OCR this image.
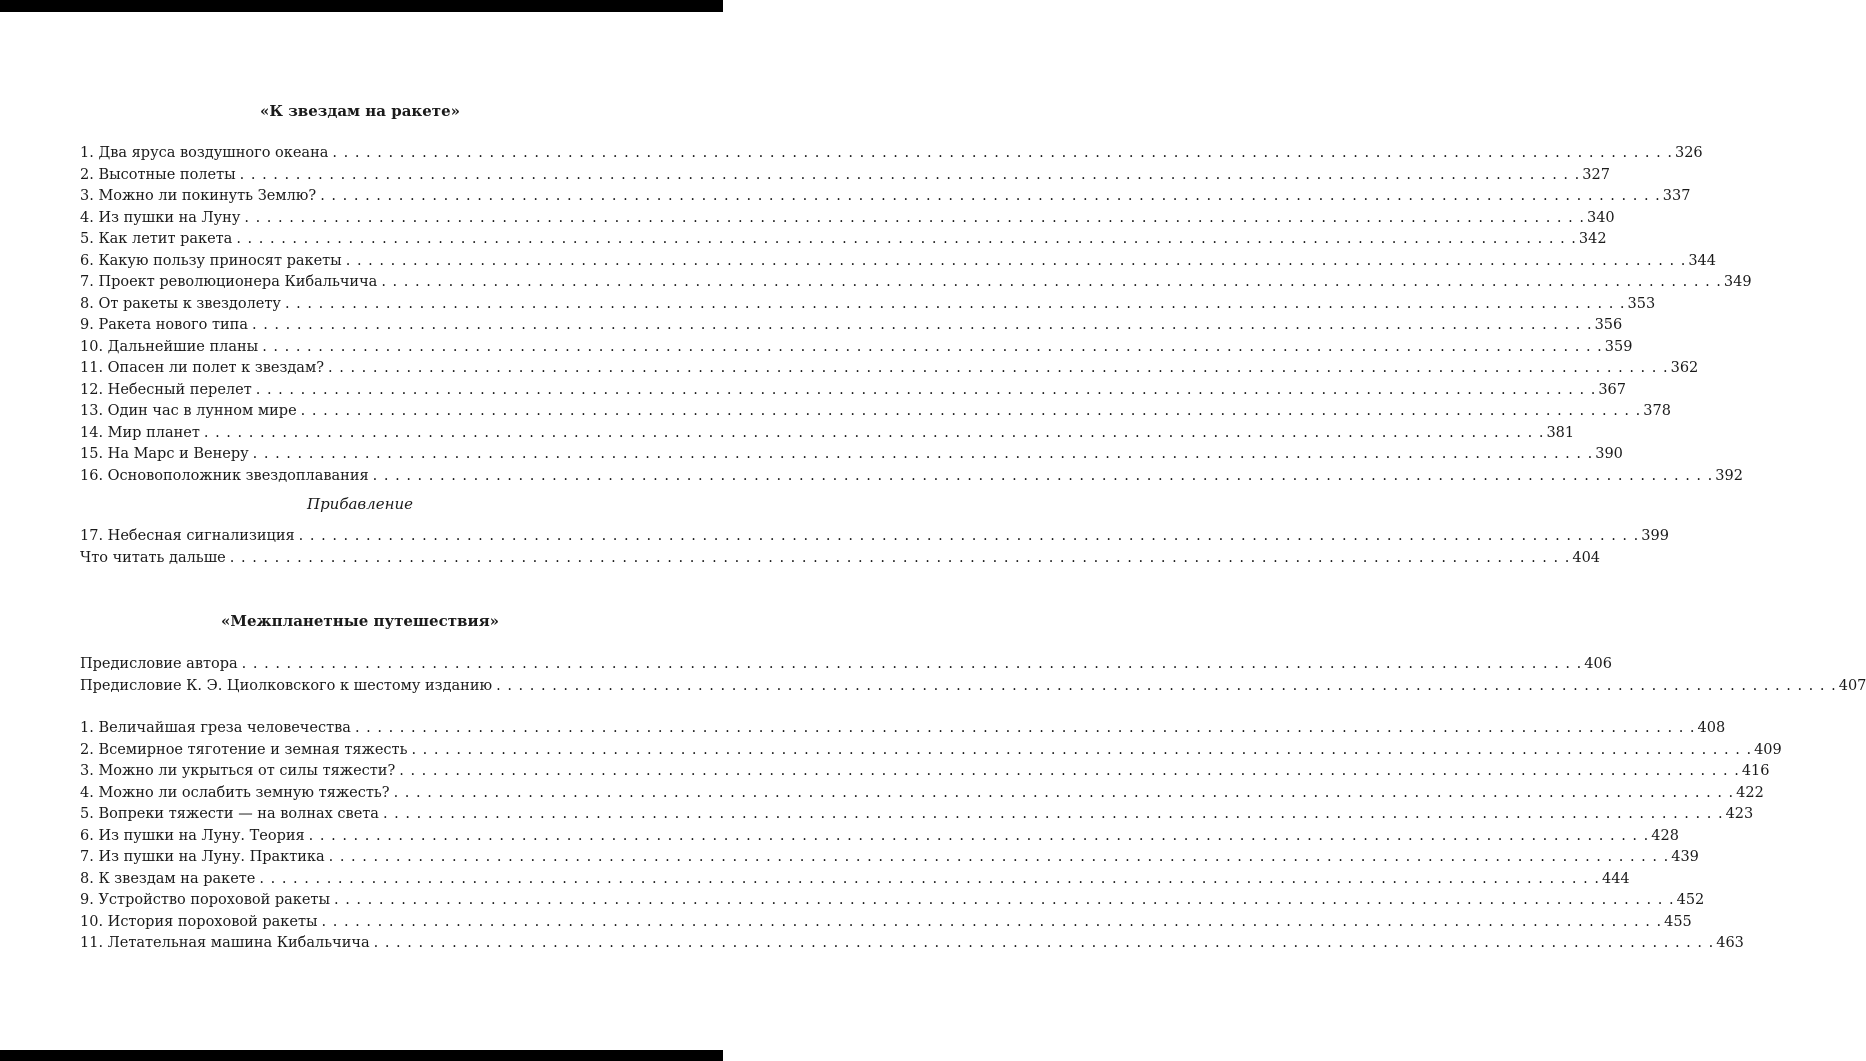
«К звездам на ракете»
1. Два яруса воздушного океана . . . . . . . . . . . . . . . . . . . . . . . . . . . . . . . . . . . . . . . . . . . . . . . . . . . . . . . . . . . . . . . . . . . . . . . . . . . . . . . . . . . . . . . . . . . . . . . . . . . . . . . . . . . . . . . . . . . . . . . . 326
2. Высотные полеты . . . . . . . . . . . . . . . . . . . . . . . . . . . . . . . . . . . . . . . . . . . . . . . . . . . . . . . . . . . . . . . . . . . . . . . . . . . . . . . . . . . . . . . . . . . . . . . . . . . . . . . . . . . . . . . . . . . . . . . . 327
3. Можно ли покинуть Землю? . . . . . . . . . . . . . . . . . . . . . . . . . . . . . . . . . . . . . . . . . . . . . . . . . . . . . . . . . . . . . . . . . . . . . . . . . . . . . . . . . . . . . . . . . . . . . . . . . . . . . . . . . . . . . . . . . . . . . . . . 337
4. Из пушки на Луну . . . . . . . . . . . . . . . . . . . . . . . . . . . . . . . . . . . . . . . . . . . . . . . . . . . . . . . . . . . . . . . . . . . . . . . . . . . . . . . . . . . . . . . . . . . . . . . . . . . . . . . . . . . . . . . . . . . . . . . . 340
5. Как летит ракета . . . . . . . . . . . . . . . . . . . . . . . . . . . . . . . . . . . . . . . . . . . . . . . . . . . . . . . . . . . . . . . . . . . . . . . . . . . . . . . . . . . . . . . . . . . . . . . . . . . . . . . . . . . . . . . . . . . . . . . . 342
6. Какую пользу приносят ракеты . . . . . . . . . . . . . . . . . . . . . . . . . . . . . . . . . . . . . . . . . . . . . . . . . . . . . . . . . . . . . . . . . . . . . . . . . . . . . . . . . . . . . . . . . . . . . . . . . . . . . . . . . . . . . . . . . . . . . . . . 344
7. Проект революционера Кибальчича . . . . . . . . . . . . . . . . . . . . . . . . . . . . . . . . . . . . . . . . . . . . . . . . . . . . . . . . . . . . . . . . . . . . . . . . . . . . . . . . . . . . . . . . . . . . . . . . . . . . . . . . . . . . . . . . . . . . . . . . 349
8. От ракеты к звездолету . . . . . . . . . . . . . . . . . . . . . . . . . . . . . . . . . . . . . . . . . . . . . . . . . . . . . . . . . . . . . . . . . . . . . . . . . . . . . . . . . . . . . . . . . . . . . . . . . . . . . . . . . . . . . . . . . . . . . . . . 353
9. Ракета нового типа . . . . . . . . . . . . . . . . . . . . . . . . . . . . . . . . . . . . . . . . . . . . . . . . . . . . . . . . . . . . . . . . . . . . . . . . . . . . . . . . . . . . . . . . . . . . . . . . . . . . . . . . . . . . . . . . . . . . . . . . 356
10. Дальнейшие планы . . . . . . . . . . . . . . . . . . . . . . . . . . . . . . . . . . . . . . . . . . . . . . . . . . . . . . . . . . . . . . . . . . . . . . . . . . . . . . . . . . . . . . . . . . . . . . . . . . . . . . . . . . . . . . . . . . . . . . . . 359
11. Опасен ли полет к звездам? . . . . . . . . . . . . . . . . . . . . . . . . . . . . . . . . . . . . . . . . . . . . . . . . . . . . . . . . . . . . . . . . . . . . . . . . . . . . . . . . . . . . . . . . . . . . . . . . . . . . . . . . . . . . . . . . . . . . . . . . 362
12. Небесный перелет . . . . . . . . . . . . . . . . . . . . . . . . . . . . . . . . . . . . . . . . . . . . . . . . . . . . . . . . . . . . . . . . . . . . . . . . . . . . . . . . . . . . . . . . . . . . . . . . . . . . . . . . . . . . . . . . . . . . . . . . 367
13. Один час в лунном мире . . . . . . . . . . . . . . . . . . . . . . . . . . . . . . . . . . . . . . . . . . . . . . . . . . . . . . . . . . . . . . . . . . . . . . . . . . . . . . . . . . . . . . . . . . . . . . . . . . . . . . . . . . . . . . . . . . . . . . . . 378
14. Мир планет . . . . . . . . . . . . . . . . . . . . . . . . . . . . . . . . . . . . . . . . . . . . . . . . . . . . . . . . . . . . . . . . . . . . . . . . . . . . . . . . . . . . . . . . . . . . . . . . . . . . . . . . . . . . . . . . . . . . . . . . 381
15. На Марс и Венеру . . . . . . . . . . . . . . . . . . . . . . . . . . . . . . . . . . . . . . . . . . . . . . . . . . . . . . . . . . . . . . . . . . . . . . . . . . . . . . . . . . . . . . . . . . . . . . . . . . . . . . . . . . . . . . . . . . . . . . . . 390
16. Основоположник звездоплавания . . . . . . . . . . . . . . . . . . . . . . . . . . . . . . . . . . . . . . . . . . . . . . . . . . . . . . . . . . . . . . . . . . . . . . . . . . . . . . . . . . . . . . . . . . . . . . . . . . . . . . . . . . . . . . . . . . . . . . . . 392
Прибавление
17. Небесная сигнализиция . . . . . . . . . . . . . . . . . . . . . . . . . . . . . . . . . . . . . . . . . . . . . . . . . . . . . . . . . . . . . . . . . . . . . . . . . . . . . . . . . . . . . . . . . . . . . . . . . . . . . . . . . . . . . . . . . . . . . . . . 399
Что читать дальше . . . . . . . . . . . . . . . . . . . . . . . . . . . . . . . . . . . . . . . . . . . . . . . . . . . . . . . . . . . . . . . . . . . . . . . . . . . . . . . . . . . . . . . . . . . . . . . . . . . . . . . . . . . . . . . . . . . . . . . . 404
«Межпланетные путешествия»
Предисловие автора . . . . . . . . . . . . . . . . . . . . . . . . . . . . . . . . . . . . . . . . . . . . . . . . . . . . . . . . . . . . . . . . . . . . . . . . . . . . . . . . . . . . . . . . . . . . . . . . . . . . . . . . . . . . . . . . . . . . . . . . 406
Предисловие К. Э. Циолковского к шестому изданию . . . . . . . . . . . . . . . . . . . . . . . . . . . . . . . . . . . . . . . . . . . . . . . . . . . . . . . . . . . . . . . . . . . . . . . . . . . . . . . . . . . . . . . . . . . . . . . . . . . . . . . . . . . . . . . . . . . . . . . . 407
1. Величайшая греза человечества . . . . . . . . . . . . . . . . . . . . . . . . . . . . . . . . . . . . . . . . . . . . . . . . . . . . . . . . . . . . . . . . . . . . . . . . . . . . . . . . . . . . . . . . . . . . . . . . . . . . . . . . . . . . . . . . . . . . . . . . 408
2. Всемирное тяготение и земная тяжесть . . . . . . . . . . . . . . . . . . . . . . . . . . . . . . . . . . . . . . . . . . . . . . . . . . . . . . . . . . . . . . . . . . . . . . . . . . . . . . . . . . . . . . . . . . . . . . . . . . . . . . . . . . . . . . . . . . . . . . . . 409
3. Можно ли укрыться от силы тяжести? . . . . . . . . . . . . . . . . . . . . . . . . . . . . . . . . . . . . . . . . . . . . . . . . . . . . . . . . . . . . . . . . . . . . . . . . . . . . . . . . . . . . . . . . . . . . . . . . . . . . . . . . . . . . . . . . . . . . . . . . 416
4. Можно ли ослабить земную тяжесть? . . . . . . . . . . . . . . . . . . . . . . . . . . . . . . . . . . . . . . . . . . . . . . . . . . . . . . . . . . . . . . . . . . . . . . . . . . . . . . . . . . . . . . . . . . . . . . . . . . . . . . . . . . . . . . . . . . . . . . . . 422
5. Вопреки тяжести — на волнах света . . . . . . . . . . . . . . . . . . . . . . . . . . . . . . . . . . . . . . . . . . . . . . . . . . . . . . . . . . . . . . . . . . . . . . . . . . . . . . . . . . . . . . . . . . . . . . . . . . . . . . . . . . . . . . . . . . . . . . . . 423
6. Из пушки на Луну. Теория . . . . . . . . . . . . . . . . . . . . . . . . . . . . . . . . . . . . . . . . . . . . . . . . . . . . . . . . . . . . . . . . . . . . . . . . . . . . . . . . . . . . . . . . . . . . . . . . . . . . . . . . . . . . . . . . . . . . . . . . 428
7. Из пушки на Луну. Практика . . . . . . . . . . . . . . . . . . . . . . . . . . . . . . . . . . . . . . . . . . . . . . . . . . . . . . . . . . . . . . . . . . . . . . . . . . . . . . . . . . . . . . . . . . . . . . . . . . . . . . . . . . . . . . . . . . . . . . . . 439
8. К звездам на ракете . . . . . . . . . . . . . . . . . . . . . . . . . . . . . . . . . . . . . . . . . . . . . . . . . . . . . . . . . . . . . . . . . . . . . . . . . . . . . . . . . . . . . . . . . . . . . . . . . . . . . . . . . . . . . . . . . . . . . . . . 444
9. Устройство пороховой ракеты . . . . . . . . . . . . . . . . . . . . . . . . . . . . . . . . . . . . . . . . . . . . . . . . . . . . . . . . . . . . . . . . . . . . . . . . . . . . . . . . . . . . . . . . . . . . . . . . . . . . . . . . . . . . . . . . . . . . . . . . 452
10. История пороховой ракеты . . . . . . . . . . . . . . . . . . . . . . . . . . . . . . . . . . . . . . . . . . . . . . . . . . . . . . . . . . . . . . . . . . . . . . . . . . . . . . . . . . . . . . . . . . . . . . . . . . . . . . . . . . . . . . . . . . . . . . . . 455
11. Летательная машина Кибальчича . . . . . . . . . . . . . . . . . . . . . . . . . . . . . . . . . . . . . . . . . . . . . . . . . . . . . . . . . . . . . . . . . . . . . . . . . . . . . . . . . . . . . . . . . . . . . . . . . . . . . . . . . . . . . . . . . . . . . . . . 463
